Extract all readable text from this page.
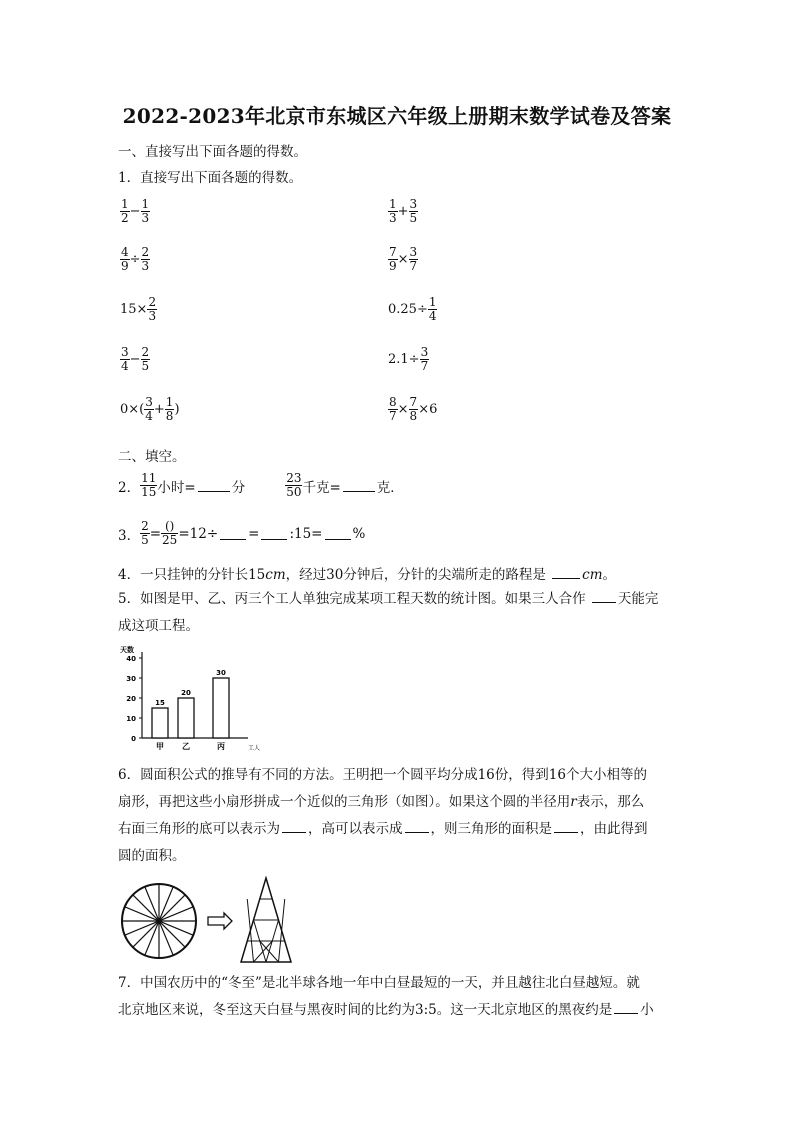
2022-2023年北京市东城区六年级上册期末数学试卷及答案
一、直接写出下面各题的得数。
1．直接写出下面各题的得数。
$\frac{1}{2} - \frac{1}{3}$	$\frac{1}{3} + \frac{3}{5}$
$\frac{4}{9} \div \frac{2}{3}$	$\frac{7}{9} \times \frac{3}{7}$
$15\times \frac{2}{3}$	$0.25\div \frac{1}{4}$
$\frac{3}{4} - \frac{2}{5}$	$2.1\div \frac{3}{7}$
$0\times( \frac{3}{4} + \frac{1}{8}$ )	$\frac{8}{7} \times \frac{7}{8} \times 6$
二、填空。
2． $\frac{11}{15}$ 小时=	分	$\frac{23}{50}$ 千克=	克．
3． $\frac{2}{5} = \frac{()}{25} =12\div$ = :15= %
4．一只挂钟的分针长15cm，经过30分钟后，分针的尖端所走的路程是	cm。
5．如图是甲、乙、丙三个工人单独完成某项工程天数的统计图。如果三人合作 天能完
成这项工程。
天数
工人
0
10
20
30
40
15
甲
20
乙
30
丙
6．圆面积公式的推导有不同的方法。王明把一个圆平均分成16份，得到16个大小相等的
扇形，再把这些小扇形拼成一个近似的三角形（如图）。如果这个圆的半径用r表示，那么
右面三角形的底可以表示为 ，高可以表示成 ，则三角形的面积是 ，由此得到
圆的面积。
7．中国农历中的“冬至”是北半球各地一年中白昼最短的一天，并且越往北白昼越短。就
北京地区来说，冬至这天白昼与黑夜时间的比约为3:5。这一天北京地区的黑夜约是 小
